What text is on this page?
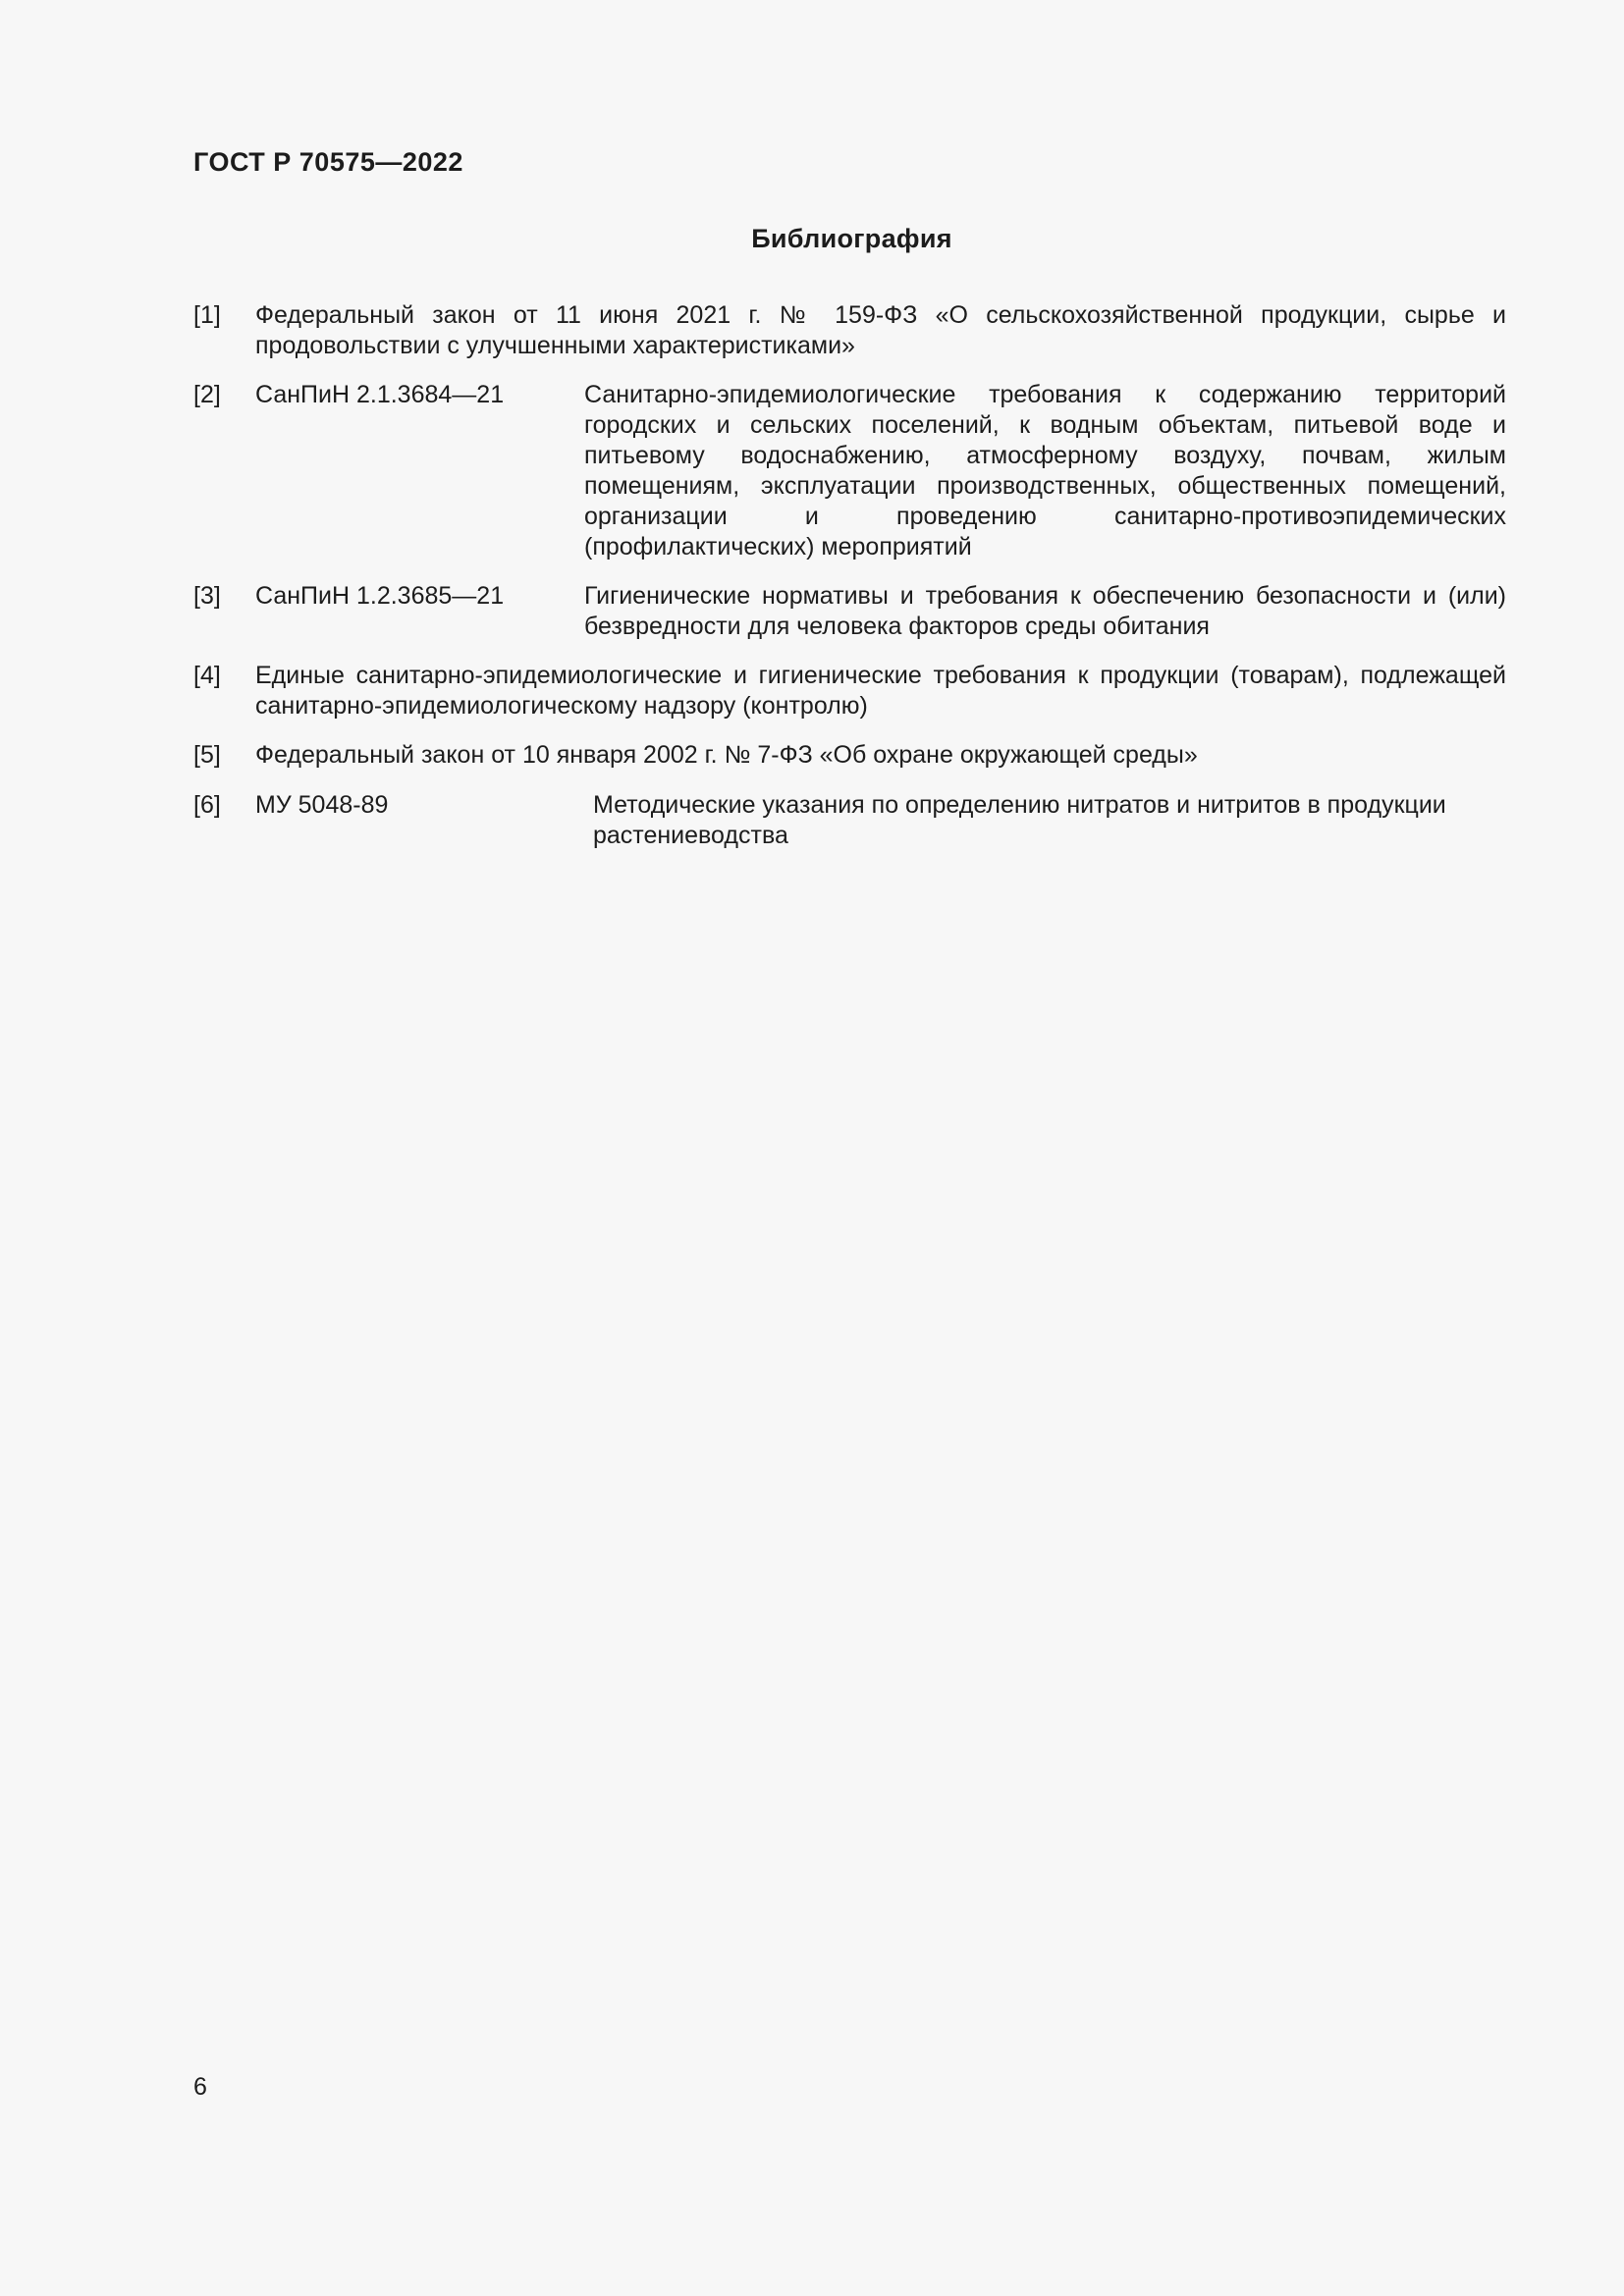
ГОСТ Р 70575—2022
Библиография
[1] Федеральный закон от 11 июня 2021 г. № 159-ФЗ «О сельскохозяйственной продукции, сырье и продовольствии с улучшенными характеристиками»
[2] СанПиН 2.1.3684—21	Санитарно-эпидемиологические требования к содержанию территорий городских и сельских поселений, к водным объектам, питьевой воде и питьевому водоснабжению, атмосферному воздуху, почвам, жилым помещениям, эксплуатации производственных, общественных помещений, организации и проведению санитарно-противоэпидемических (профилактических) мероприятий
[3] СанПиН 1.2.3685—21	Гигиенические нормативы и требования к обеспечению безопасности и (или) безвредности для человека факторов среды обитания
[4] Единые санитарно-эпидемиологические и гигиенические требования к продукции (товарам), подлежащей санитарно-эпидемиологическому надзору (контролю)
[5] Федеральный закон от 10 января 2002 г. № 7-ФЗ «Об охране окружающей среды»
[6] МУ 5048-89	Методические указания по определению нитратов и нитритов в продукции растениеводства
6
